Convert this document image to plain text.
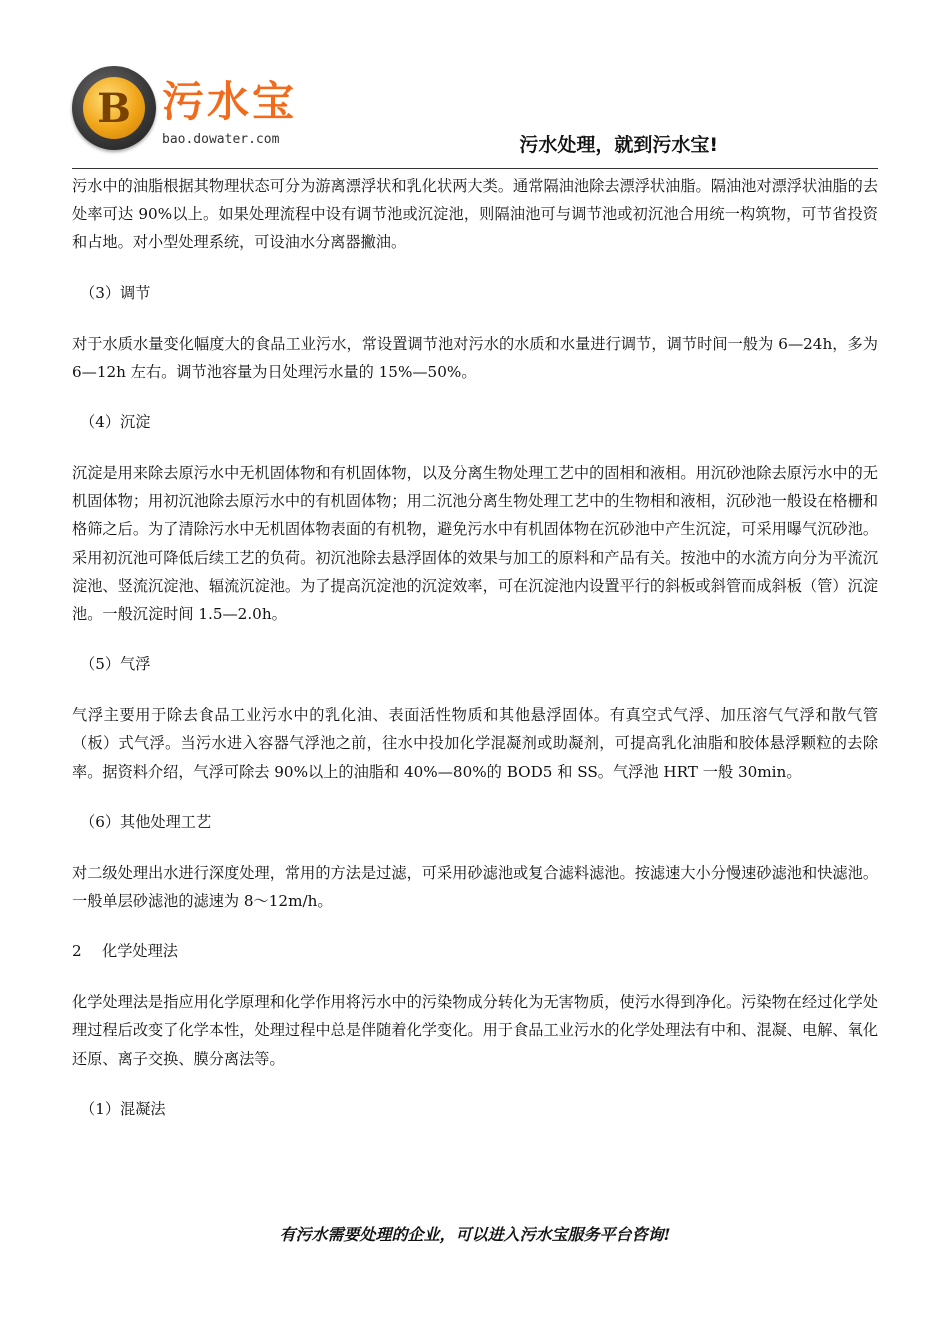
B 污水宝
bao.dowater.com	污水处理，就到污水宝!

污水中的油脂根据其物理状态可分为游离漂浮状和乳化状两大类。通常隔油池除去漂浮状油脂。隔油池对漂浮状油脂的去处率可达 90%以上。如果处理流程中设有调节池或沉淀池，则隔油池可与调节池或初沉池合用统一构筑物，可节省投资和占地。对小型处理系统，可设油水分离器撇油。

（3）调节

对于水质水量变化幅度大的食品工业污水，常设置调节池对污水的水质和水量进行调节，调节时间一般为 6—24h，多为 6—12h 左右。调节池容量为日处理污水量的 15%—50%。

（4）沉淀

沉淀是用来除去原污水中无机固体物和有机固体物，以及分离生物处理工艺中的固相和液相。用沉砂池除去原污水中的无机固体物；用初沉池除去原污水中的有机固体物；用二沉池分离生物处理工艺中的生物相和液相，沉砂池一般设在格栅和格筛之后。为了清除污水中无机固体物表面的有机物，避免污水中有机固体物在沉砂池中产生沉淀，可采用曝气沉砂池。采用初沉池可降低后续工艺的负荷。初沉池除去悬浮固体的效果与加工的原料和产品有关。按池中的水流方向分为平流沉淀池、竖流沉淀池、辐流沉淀池。为了提高沉淀池的沉淀效率，可在沉淀池内设置平行的斜板或斜管而成斜板（管）沉淀池。一般沉淀时间 1.5—2.0h。

（5）气浮

气浮主要用于除去食品工业污水中的乳化油、表面活性物质和其他悬浮固体。有真空式气浮、加压溶气气浮和散气管（板）式气浮。当污水进入容器气浮池之前，往水中投加化学混凝剂或助凝剂，可提高乳化油脂和胶体悬浮颗粒的去除率。据资料介绍，气浮可除去 90%以上的油脂和 40%—80%的 BOD5 和 SS。气浮池 HRT 一般 30min。

（6）其他处理工艺

对二级处理出水进行深度处理，常用的方法是过滤，可采用砂滤池或复合滤料滤池。按滤速大小分慢速砂滤池和快滤池。一般单层砂滤池的滤速为 8～12m/h。

2 化学处理法

化学处理法是指应用化学原理和化学作用将污水中的污染物成分转化为无害物质，使污水得到净化。污染物在经过化学处理过程后改变了化学本性，处理过程中总是伴随着化学变化。用于食品工业污水的化学处理法有中和、混凝、电解、氧化还原、离子交换、膜分离法等。

（1）混凝法

有污水需要处理的企业，可以进入污水宝服务平台咨询!
